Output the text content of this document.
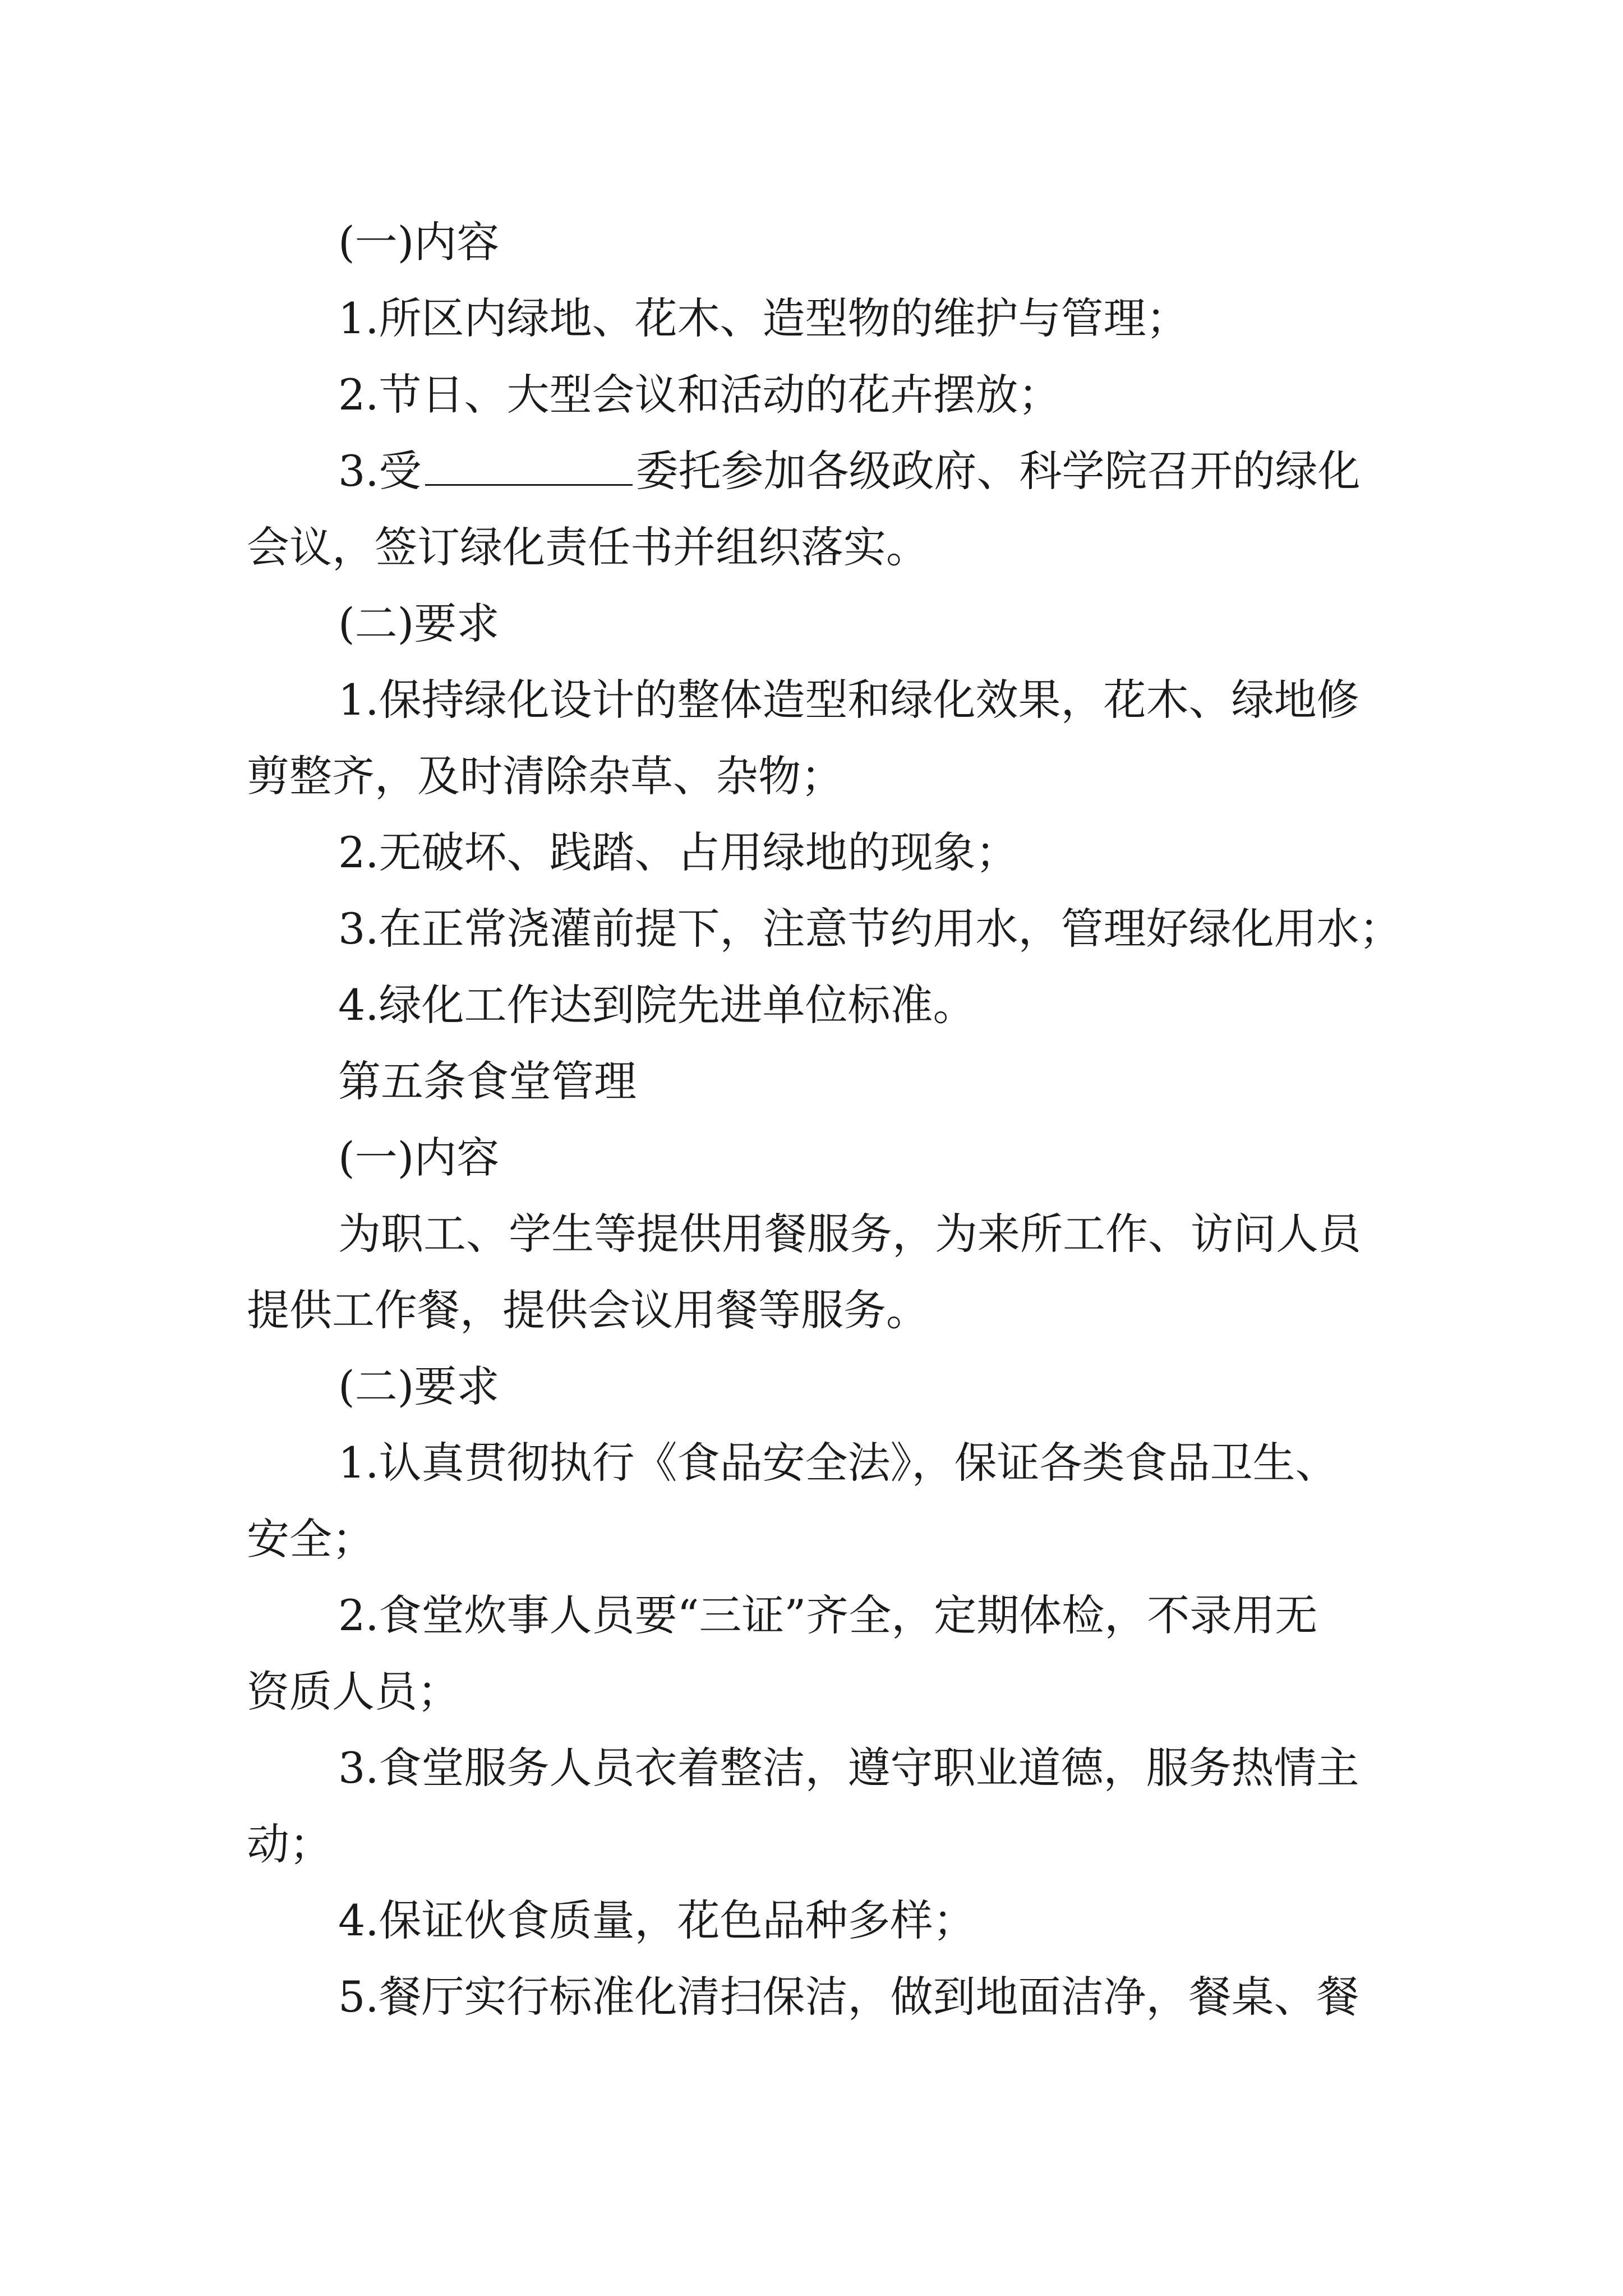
(一)内容
1.所区内绿地、花木、造型物的维护与管理；
2.节日、大型会议和活动的花卉摆放；
3.受	委托参加各级政府、科学院召开的绿化
会议，签订绿化责任书并组织落实。
(二)要求
1.保持绿化设计的整体造型和绿化效果，花木、绿地修
剪整齐，及时清除杂草、杂物；
2.无破坏、践踏、占用绿地的现象；
3.在正常浇灌前提下，注意节约用水，管理好绿化用水；
4.绿化工作达到院先进单位标准。
第五条食堂管理
(一)内容
为职工、学生等提供用餐服务，为来所工作、访问人员
提供工作餐，提供会议用餐等服务。
(二)要求
1.认真贯彻执行《食品安全法》，保证各类食品卫生、
安全；
2.食堂炊事人员要“三证”齐全，定期体检，不录用无
资质人员；
3.食堂服务人员衣着整洁，遵守职业道德，服务热情主
动；
4.保证伙食质量，花色品种多样；
5.餐厅实行标准化清扫保洁，做到地面洁净，餐桌、餐
